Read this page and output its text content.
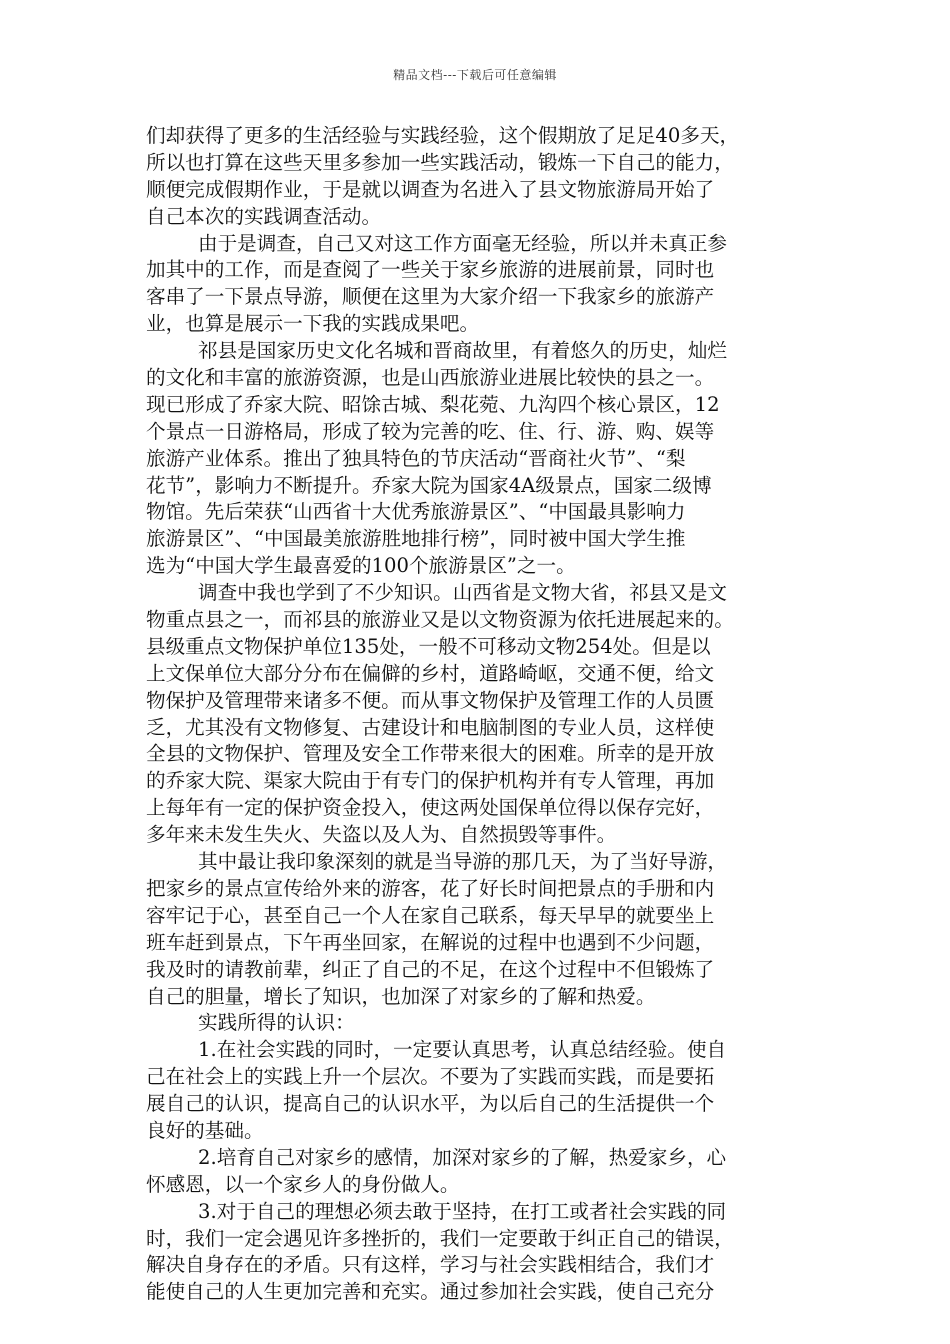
精品文档---下载后可任意编辑
们却获得了更多的生活经验与实践经验，这个假期放了足足40多天，
所以也打算在这些天里多参加一些实践活动，锻炼一下自己的能力，
顺便完成假期作业，于是就以调查为名进入了县文物旅游局开始了
自己本次的实践调查活动。
由于是调查，自己又对这工作方面毫无经验，所以并未真正参
加其中的工作，而是查阅了一些关于家乡旅游的进展前景，同时也
客串了一下景点导游，顺便在这里为大家介绍一下我家乡的旅游产
业，也算是展示一下我的实践成果吧。
祁县是国家历史文化名城和晋商故里，有着悠久的历史，灿烂
的文化和丰富的旅游资源，也是山西旅游业进展比较快的县之一。
现已形成了乔家大院、昭馀古城、梨花菀、九沟四个核心景区，12
个景点一日游格局，形成了较为完善的吃、住、行、游、购、娱等
旅游产业体系。推出了独具特色的节庆活动“晋商社火节”、“梨
花节”，影响力不断提升。乔家大院为国家4A级景点，国家二级博
物馆。先后荣获“山西省十大优秀旅游景区”、“中国最具影响力
旅游景区”、“中国最美旅游胜地排行榜”，同时被中国大学生推
选为“中国大学生最喜爱的100个旅游景区”之一。
调查中我也学到了不少知识。山西省是文物大省，祁县又是文
物重点县之一，而祁县的旅游业又是以文物资源为依托进展起来的。
县级重点文物保护单位135处，一般不可移动文物254处。但是以
上文保单位大部分分布在偏僻的乡村，道路崎岖，交通不便，给文
物保护及管理带来诸多不便。而从事文物保护及管理工作的人员匮
乏，尤其没有文物修复、古建设计和电脑制图的专业人员，这样使
全县的文物保护、管理及安全工作带来很大的困难。所幸的是开放
的乔家大院、渠家大院由于有专门的保护机构并有专人管理，再加
上每年有一定的保护资金投入，使这两处国保单位得以保存完好，
多年来未发生失火、失盗以及人为、自然损毁等事件。
其中最让我印象深刻的就是当导游的那几天，为了当好导游，
把家乡的景点宣传给外来的游客，花了好长时间把景点的手册和内
容牢记于心，甚至自己一个人在家自己联系，每天早早的就要坐上
班车赶到景点，下午再坐回家，在解说的过程中也遇到不少问题，
我及时的请教前辈，纠正了自己的不足，在这个过程中不但锻炼了
自己的胆量，增长了知识，也加深了对家乡的了解和热爱。
实践所得的认识：
1.在社会实践的同时，一定要认真思考，认真总结经验。使自
己在社会上的实践上升一个层次。不要为了实践而实践，而是要拓
展自己的认识，提高自己的认识水平，为以后自己的生活提供一个
良好的基础。
2.培育自己对家乡的感情，加深对家乡的了解，热爱家乡，心
怀感恩，以一个家乡人的身份做人。
3.对于自己的理想必须去敢于坚持，在打工或者社会实践的同
时，我们一定会遇见许多挫折的，我们一定要敢于纠正自己的错误，
解决自身存在的矛盾。只有这样，学习与社会实践相结合，我们才
能使自己的人生更加完善和充实。通过参加社会实践，使自己充分
